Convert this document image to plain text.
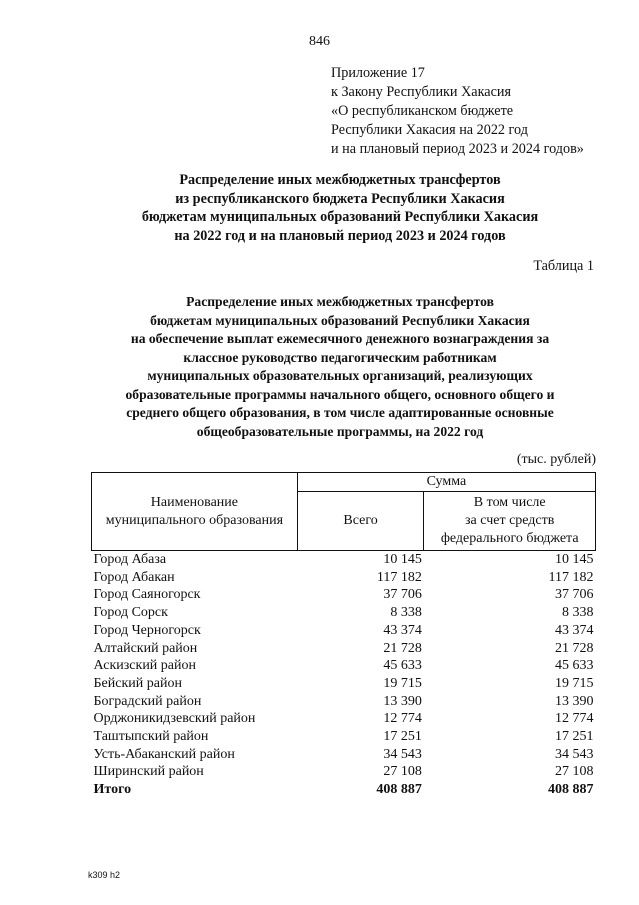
846
Приложение 17
к Закону Республики Хакасия
«О республиканском бюджете
Республики Хакасия на 2022 год
и на плановый период 2023 и 2024 годов»
Распределение иных межбюджетных трансфертов
из республиканского бюджета Республики Хакасия
бюджетам муниципальных образований Республики Хакасия
на 2022 год и на плановый период 2023 и 2024 годов
Таблица 1
Распределение иных межбюджетных трансфертов
бюджетам муниципальных образований Республики Хакасия
на обеспечение выплат ежемесячного денежного вознаграждения за
классное руководство педагогическим работникам
муниципальных образовательных организаций, реализующих
образовательные программы начального общего, основного общего и
среднего общего образования, в том числе адаптированные основные
общеобразовательные программы, на 2022 год
(тыс. рублей)
Наименование
муниципального образования	Сумма	
	Всего	В том числе
за счет средств
федерального бюджета

Город Абаза	10 145	10 145
Город Абакан	117 182	117 182
Город Саяногорск	37 706	37 706
Город Сорск	8 338	8 338
Город Черногорск	43 374	43 374
Алтайский район	21 728	21 728
Аскизский район	45 633	45 633
Бейский район	19 715	19 715
Боградский район	13 390	13 390
Орджоникидзевский район	12 774	12 774
Таштыпский район	17 251	17 251
Усть-Абаканский район	34 543	34 543
Ширинский район	27 108	27 108
Итого	408 887	408 887
k309 h2
